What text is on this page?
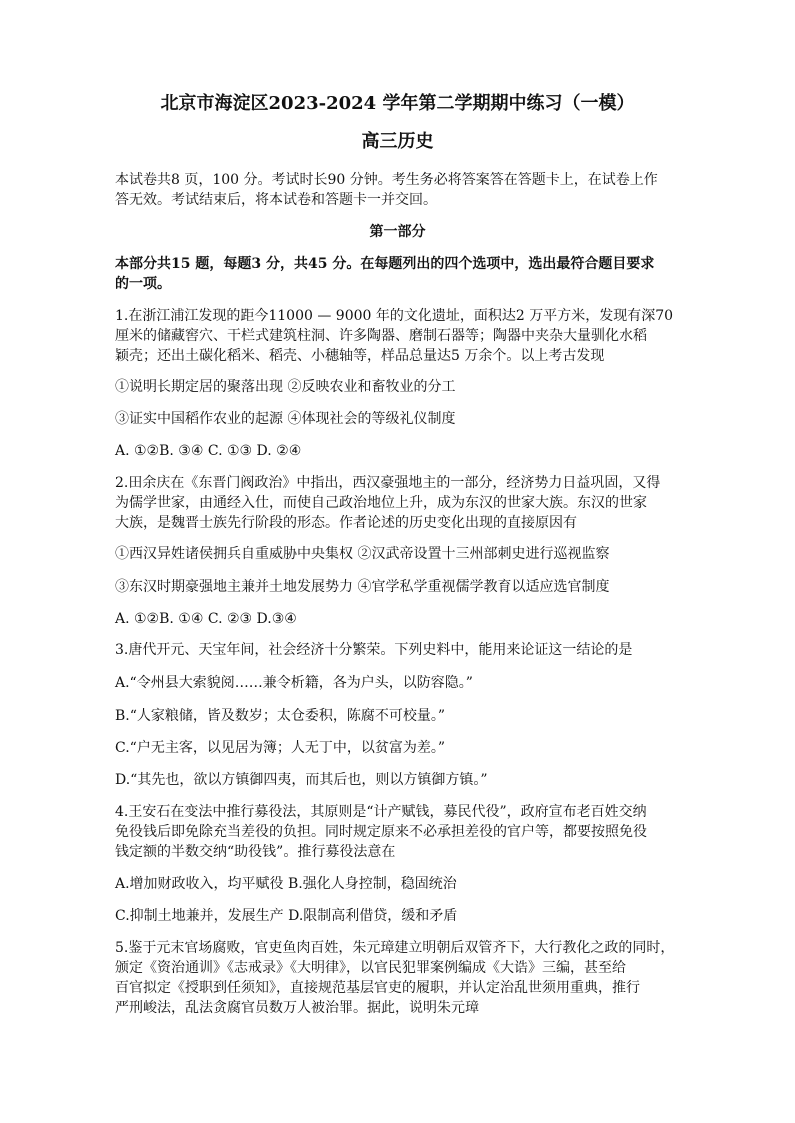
北京市海淀区2023-2024 学年第二学期期中练习（一模）
高三历史
本试卷共8 页，100 分。考试时长90 分钟。考生务必将答案答在答题卡上，在试卷上作
答无效。考试结束后，将本试卷和答题卡一并交回。
第一部分
本部分共15 题，每题3 分，共45 分。在每题列出的四个选项中，选出最符合题目要求
的一项。
1.在浙江浦江发现的距今11000 — 9000 年的文化遗址，面积达2 万平方米，发现有深70
厘米的储藏窖穴、干栏式建筑柱洞、许多陶器、磨制石器等；陶器中夹杂大量驯化水稻
颖壳；还出土碳化稻米、稻壳、小穗轴等，样品总量达5 万余个。以上考古发现
①说明长期定居的聚落出现 ②反映农业和畜牧业的分工
③证实中国稻作农业的起源 ④体现社会的等级礼仪制度
A. ①②B. ③④ C. ①③ D. ②④
2.田余庆在《东晋门阀政治》中指出，西汉豪强地主的一部分，经济势力日益巩固，又得
为儒学世家，由通经入仕，而使自己政治地位上升，成为东汉的世家大族。东汉的世家
大族，是魏晋士族先行阶段的形态。作者论述的历史变化出现的直接原因有
①西汉异姓诸侯拥兵自重威胁中央集权 ②汉武帝设置十三州部刺史进行巡视监察
③东汉时期豪强地主兼并土地发展势力 ④官学私学重视儒学教育以适应选官制度
A. ①②B. ①④ C. ②③ D.③④
3.唐代开元、天宝年间，社会经济十分繁荣。下列史料中，能用来论证这一结论的是
A.“令州县大索貌阅……兼令析籍，各为户头，以防容隐。”
B.“人家粮储，皆及数岁；太仓委积，陈腐不可校量。”
C.“户无主客，以见居为簿；人无丁中，以贫富为差。”
D.“其先也，欲以方镇御四夷，而其后也，则以方镇御方镇。”
4.王安石在变法中推行募役法，其原则是“计产赋钱，募民代役”，政府宣布老百姓交纳
免役钱后即免除充当差役的负担。同时规定原来不必承担差役的官户等，都要按照免役
钱定额的半数交纳“助役钱”。推行募役法意在
A.增加财政收入，均平赋役 B.强化人身控制，稳固统治
C.抑制土地兼并，发展生产 D.限制高利借贷，缓和矛盾
5.鉴于元末官场腐败，官吏鱼肉百姓，朱元璋建立明朝后双管齐下，大行教化之政的同时，
颁定《资治通训》《志戒录》《大明律》，以官民犯罪案例编成《大诰》三编，甚至给
百官拟定《授职到任须知》，直接规范基层官吏的履职，并认定治乱世须用重典，推行
严刑峻法，乱法贪腐官员数万人被治罪。据此，说明朱元璋
